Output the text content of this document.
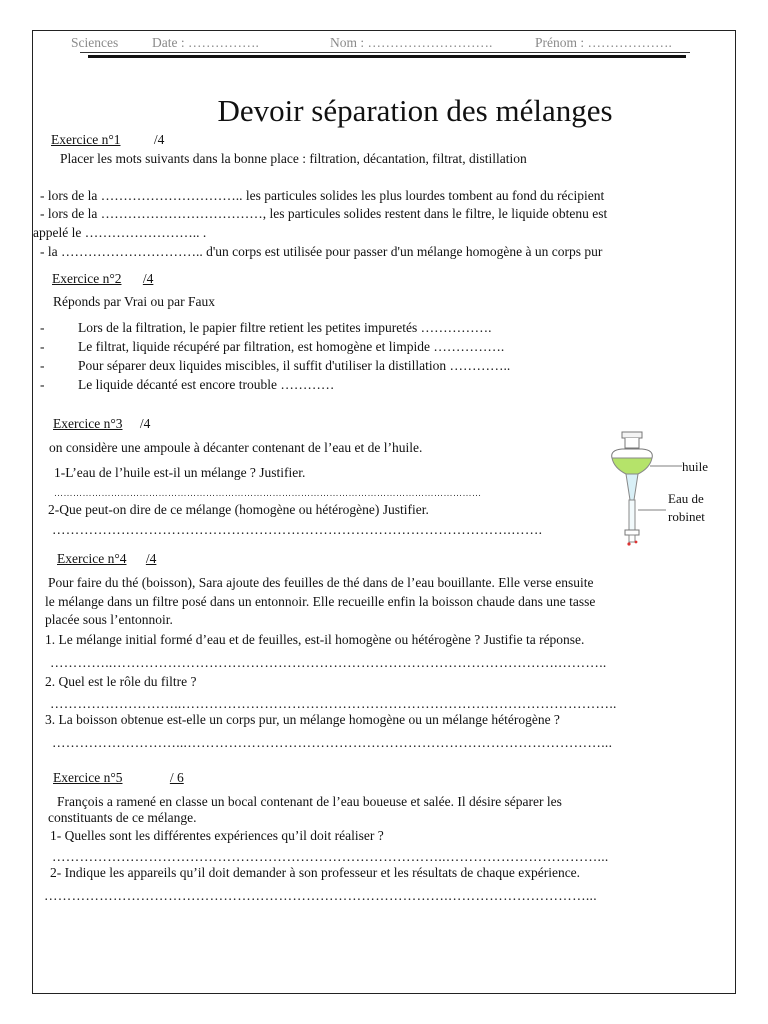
Sciences	Date : …………….	Nom : ……………………….	Prénom : ……………….
Devoir séparation des mélanges
Exercice n°1 /4
Placer les mots suivants dans la bonne place : filtration, décantation, filtrat, distillation
- lors de la ………………………….. les particules solides les plus lourdes tombent au fond du récipient
- lors de la ………………………………, les particules solides restent dans le filtre, le liquide obtenu est
appelé le …………………….. .
- la ………………………….. d'un corps est utilisée pour passer d'un mélange homogène à un corps pur
Exercice n°2 /4
Réponds par Vrai ou par Faux
- Lors de la filtration, le papier filtre retient les petites impuretés …………….
- Le filtrat, liquide récupéré par filtration, est homogène et limpide …………….
- Pour séparer deux liquides miscibles, il suffit d'utiliser la distillation …………..
- Le liquide décanté est encore trouble …………
Exercice n°3 /4
on considère une ampoule à décanter contenant de l’eau et de l’huile.
1-L’eau de l’huile est-il un mélange ? Justifier.
………………………………………………………………………………………………………………………
2-Que peut-on dire de ce mélange (homogène ou hétérogène) Justifier.
……………………………………………………………………………………….…….
huile
Eau de
robinet
Exercice n°4 /4
Pour faire du thé (boisson), Sara ajoute des feuilles de thé dans de l’eau bouillante. Elle verse ensuite
le mélange dans un filtre posé dans un entonnoir. Elle recueille enfin la boisson chaude dans une tasse
placée sous l’entonnoir.
1. Le mélange initial formé d’eau et de feuilles, est-il homogène ou hétérogène ? Justifie ta réponse.
…………..…………………………………………………………………………………….………..
2. Quel est le rôle du filtre ?
………………………..…………………………………………………………………………………..
3. La boisson obtenue est-elle un corps pur, un mélange homogène ou un mélange hétérogène ?
………………………...………………………………………………………………………………...
Exercice n°5	/ 6
François a ramené en classe un bocal contenant de l’eau boueuse et salée. Il désire séparer les
constituants de ce mélange.
1- Quelles sont les différentes expériences qu’il doit réaliser ?
…………………………………………………………………………..……………………………...
2- Indique les appareils qu’il doit demander à son professeur et les résultats de chaque expérience.
…………………………………………………………………………….…………………………...
